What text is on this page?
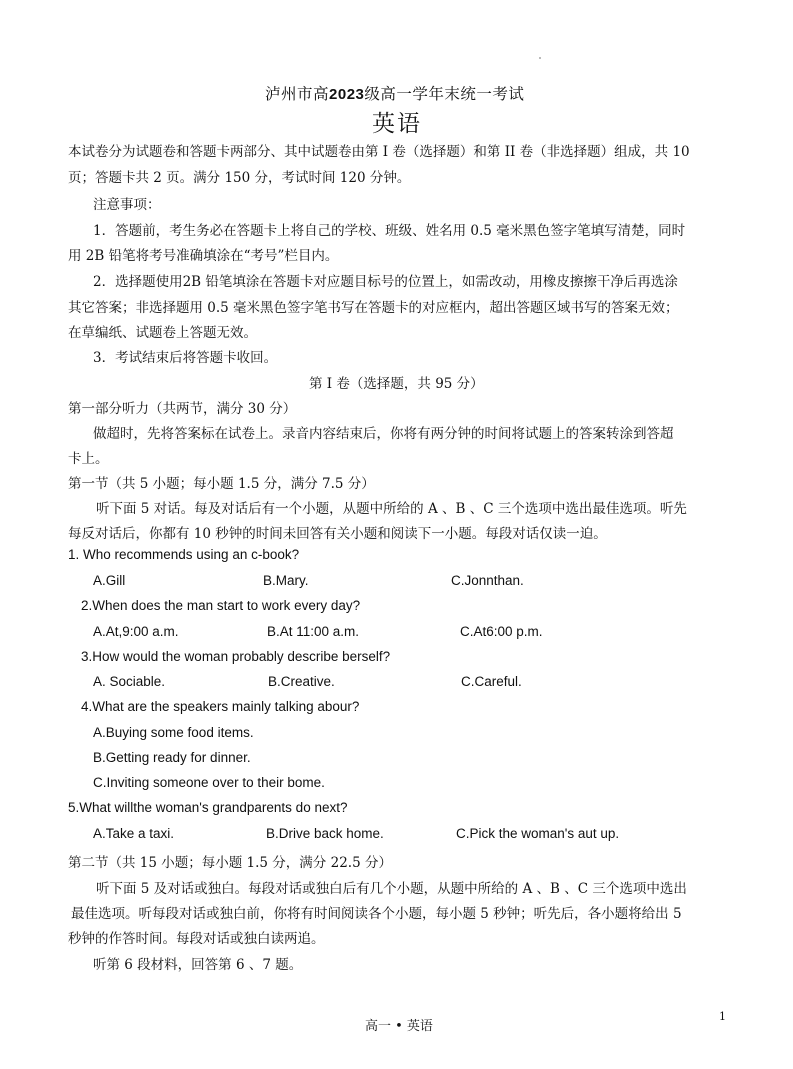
泸州市高2023级高一学年末统一考试
英语
本试卷分为试题卷和答题卡两部分、其中试题卷由第 I 卷（选择题）和第 II 卷（非选择题）组成，共 10
页；答题卡共 2 页。满分 150 分，考试时间 120 分钟。
注意事项：
1．答题前，考生务必在答题卡上将自己的学校、班级、姓名用 0.5 毫米黑色签字笔填写清楚，同时
用 2B 铅笔将考号准确填涂在“考号”栏目内。
2．选择题使用2B 铅笔填涂在答题卡对应题目标号的位置上，如需改动，用橡皮擦擦干净后再选涂
其它答案；非选择题用 0.5 毫米黑色签字笔书写在答题卡的对应框内，超出答题区域书写的答案无效；
在草编纸、试题卷上答题无效。
3．考试结束后将答题卡收回。
第 I 卷（选择题，共 95 分）
第一部分听力（共两节，满分 30 分）
做超时，先将答案标在试卷上。录音内容结束后，你将有两分钟的时间将试题上的答案转涂到答超
卡上。
第一节（共 5 小题；每小题 1.5 分，满分 7.5 分）
听下面 5 对话。每及对话后有一个小题，从题中所给的 A 、B 、C 三个选项中选出最佳选项。听先
每反对话后，你都有 10 秒钟的时间未回答有关小题和阅读下一小题。每段对话仅读一迫。
1. Who recommends using an c-book?
A.Gill	B.Mary.	C.Jonnthan.
2.When does the man start to work every day?
A.At,9:00 a.m.	B.At 11:00 a.m.	C.At6:00 p.m.
3.How would the woman probably describe berself?
A. Sociable.	B.Creative.	C.Careful.
4.What are the speakers mainly talking abour?
A.Buying some food items.
B.Getting ready for dinner.
C.Inviting someone over to their bome.
5.What willthe woman's grandparents do next?
A.Take a taxi.	B.Drive back home.	C.Pick the woman's aut up.
第二节（共 15 小题；每小题 1.5 分，满分 22.5 分）
听下面 5 及对话或独白。每段对话或独白后有几个小题，从题中所给的 A 、B 、C 三个选项中选出
最佳选项。听每段对话或独白前，你将有时间阅读各个小题，每小题 5 秒钟；听先后，各小题将给出 5
秒钟的作答时间。每段对话或独白读两追。
听第 6 段材料，回答第 6 、7 题。
高一 • 英语
1
